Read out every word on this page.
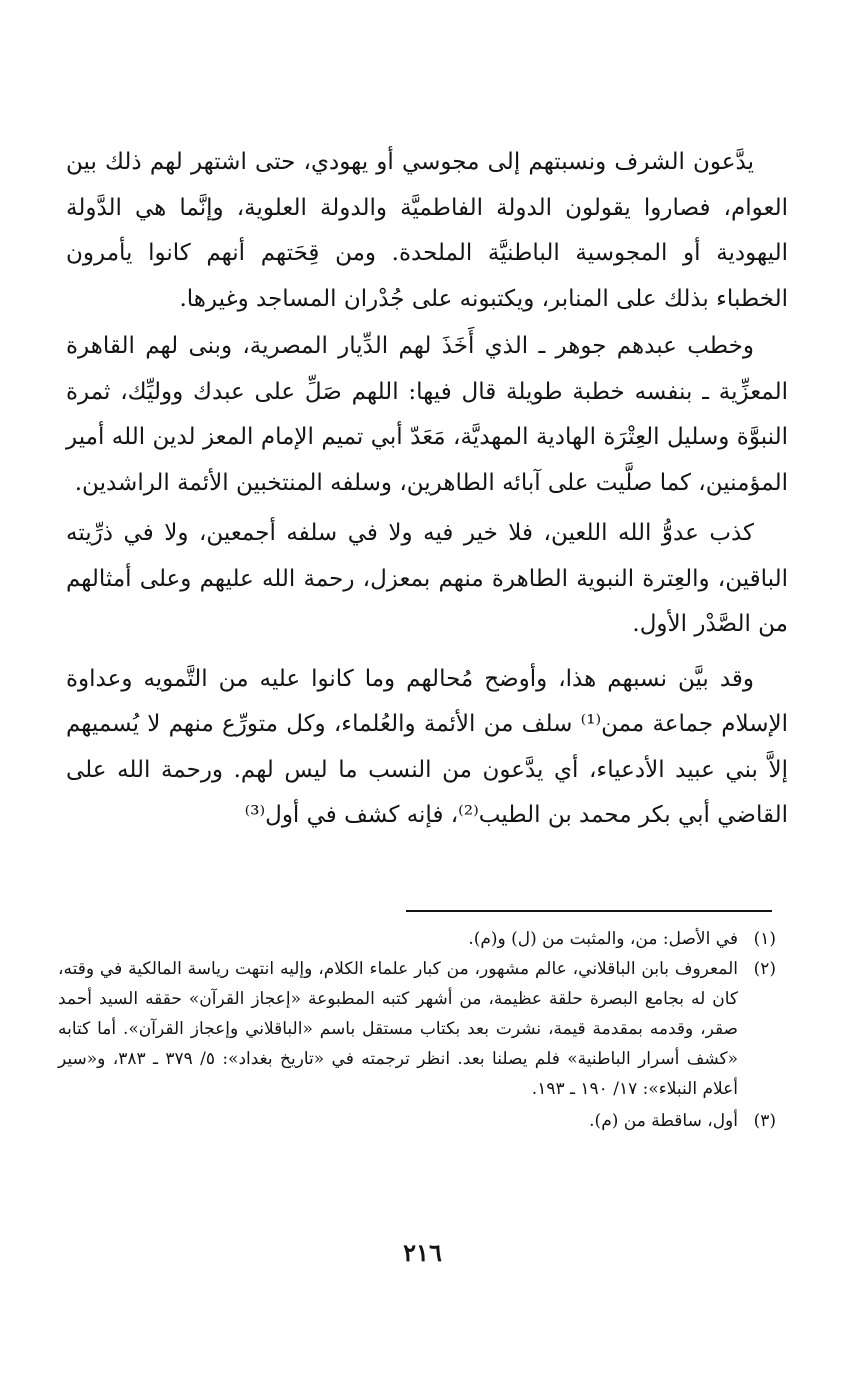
يدَّعون الشرف ونسبتهم إلى مجوسي أو يهودي، حتى اشتهر لهم ذلك بين العوام، فصاروا يقولون الدولة الفاطميَّة والدولة العلوية، وإنَّما هي الدَّولة اليهودية أو المجوسية الباطنيَّة الملحدة. ومن قِحَتهم أنهم كانوا يأمرون الخطباء بذلك على المنابر، ويكتبونه على جُدْران المساجد وغيرها.

وخطب عبدهم جوهر ـ الذي أَخَذَ لهم الدِّيار المصرية، وبنى لهم القاهرة المعزِّية ـ بنفسه خطبة طويلة قال فيها: اللهم صَلِّ على عبدك ووليِّك، ثمرة النبوَّة وسليل العِتْرَة الهادية المهديَّة، مَعَدّ أبي تميم الإمام المعز لدين الله أمير المؤمنين، كما صلَّيت على آبائه الطاهرين، وسلفه المنتخبين الأئمة الراشدين.

كذب عدوُّ الله اللعين، فلا خير فيه ولا في سلفه أجمعين، ولا في ذرِّيته الباقين، والعِترة النبوية الطاهرة منهم بمعزل، رحمة الله عليهم وعلى أمثالهم من الصَّدْر الأول.

وقد بيَّن نسبهم هذا، وأوضح مُحالهم وما كانوا عليه من التَّمويه وعداوة الإسلام جماعة ممن⁽¹⁾ سلف من الأئمة والعُلماء، وكل متورِّع منهم لا يُسميهم إلاَّ بني عبيد الأدعياء، أي يدَّعون من النسب ما ليس لهم. ورحمة الله على القاضي أبي بكر محمد بن الطيب⁽²⁾، فإنه كشف في أول⁽³⁾

(١)
في الأصل: من، والمثبت من (ل) و(م).
(٢)
المعروف بابن الباقلاني، عالم مشهور، من كبار علماء الكلام، وإليه انتهت رياسة المالكية في وقته، كان له بجامع البصرة حلقة عظيمة، من أشهر كتبه المطبوعة «إعجاز القرآن» حققه السيد أحمد صقر، وقدمه بمقدمة قيمة، نشرت بعد بكتاب مستقل باسم «الباقلاني وإعجاز القرآن». أما كتابه «كشف أسرار الباطنية» فلم يصلنا بعد. انظر ترجمته في «تاريخ بغداد»: ٥/ ٣٧٩ ـ ٣٨٣، و«سير أعلام النبلاء»: ١٧/ ١٩٠ ـ ١٩٣.
(٣)
أول، ساقطة من (م).
٢١٦
